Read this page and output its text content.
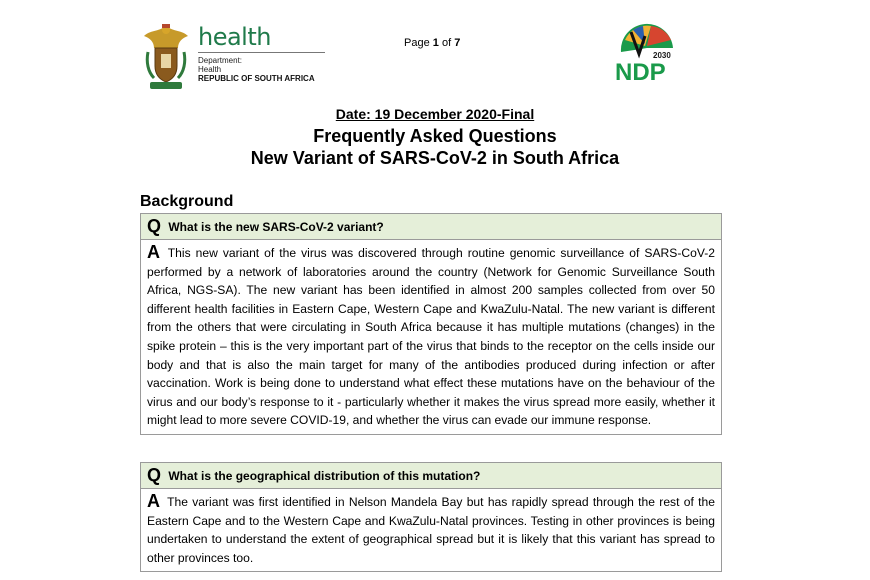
health
Department:
Health
REPUBLIC OF SOUTH AFRICA
Page 1 of 7
2030
NDP

Date: 19 December 2020-Final

Frequently Asked Questions

New Variant of SARS-CoV-2 in South Africa

Background
Q What is the new SARS-CoV-2 variant?
A This new variant of the virus was discovered through routine genomic surveillance of SARS-CoV-2 performed by a network of laboratories around the country (Network for Genomic Surveillance South Africa, NGS-SA). The new variant has been identified in almost 200 samples collected from over 50 different health facilities in Eastern Cape, Western Cape and KwaZulu-Natal. The new variant is different from the others that were circulating in South Africa because it has multiple mutations (changes) in the spike protein – this is the very important part of the virus that binds to the receptor on the cells inside our body and that is also the main target for many of the antibodies produced during infection or after vaccination. Work is being done to understand what effect these mutations have on the behaviour of the virus and our body’s response to it - particularly whether it makes the virus spread more easily, whether it might lead to more severe COVID-19, and whether the virus can evade our immune response.
Q What is the geographical distribution of this mutation?
A The variant was first identified in Nelson Mandela Bay but has rapidly spread through the rest of the Eastern Cape and to the Western Cape and KwaZulu-Natal provinces. Testing in other provinces is being undertaken to understand the extent of geographical spread but it is likely that this variant has spread to other provinces too.
